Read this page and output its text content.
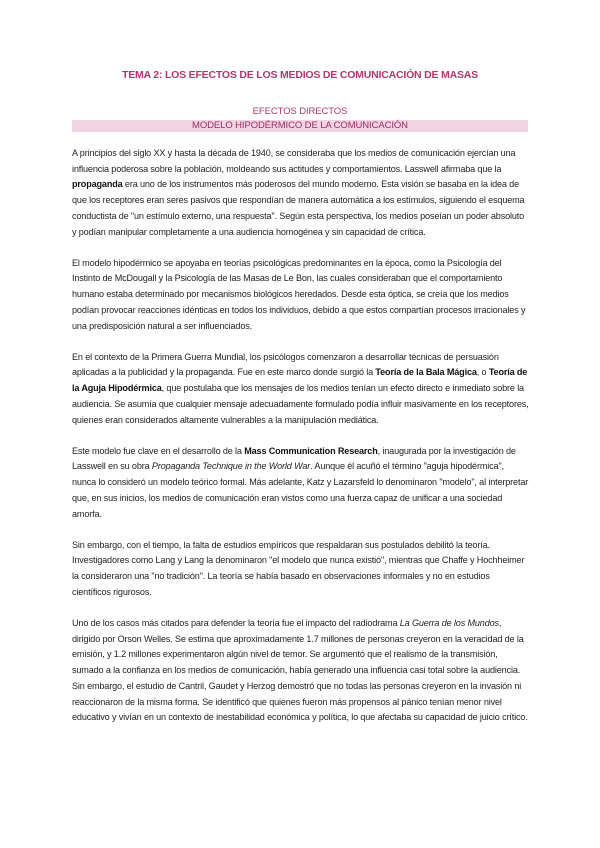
TEMA 2: LOS EFECTOS DE LOS MEDIOS DE COMUNICACIÓN DE MASAS
EFECTOS DIRECTOS
MODELO HIPODÉRMICO DE LA COMUNICACIÓN

A principios del siglo XX y hasta la década de 1940, se consideraba que los medios de comunicación ejercían una influencia poderosa sobre la población, moldeando sus actitudes y comportamientos. Lasswell afirmaba que la propaganda era uno de los instrumentos más poderosos del mundo moderno. Esta visión se basaba en la idea de que los receptores eran seres pasivos que respondían de manera automática a los estímulos, siguiendo el esquema conductista de "un estímulo externo, una respuesta". Según esta perspectiva, los medios poseían un poder absoluto y podían manipular completamente a una audiencia homogénea y sin capacidad de crítica.

El modelo hipodérmico se apoyaba en teorías psicológicas predominantes en la época, como la Psicología del Instinto de McDougall y la Psicología de las Masas de Le Bon, las cuales consideraban que el comportamiento humano estaba determinado por mecanismos biológicos heredados. Desde esta óptica, se creía que los medios podían provocar reacciones idénticas en todos los individuos, debido a que estos compartían procesos irracionales y una predisposición natural a ser influenciados.

En el contexto de la Primera Guerra Mundial, los psicólogos comenzaron a desarrollar técnicas de persuasión aplicadas a la publicidad y la propaganda. Fue en este marco donde surgió la Teoría de la Bala Mágica, o Teoría de la Aguja Hipodérmica, que postulaba que los mensajes de los medios tenían un efecto directo e inmediato sobre la audiencia. Se asumía que cualquier mensaje adecuadamente formulado podía influir masivamente en los receptores, quienes eran considerados altamente vulnerables a la manipulación mediática.

Este modelo fue clave en el desarrollo de la Mass Communication Research, inaugurada por la investigación de Lasswell en su obra Propaganda Technique in the World War. Aunque él acuñó el término "aguja hipodérmica", nunca lo consideró un modelo teórico formal. Más adelante, Katz y Lazarsfeld lo denominaron "modelo", al interpretar que, en sus inicios, los medios de comunicación eran vistos como una fuerza capaz de unificar a una sociedad amorfa.

Sin embargo, con el tiempo, la falta de estudios empíricos que respaldaran sus postulados debilitó la teoría. Investigadores como Lang y Lang la denominaron "el modelo que nunca existió", mientras que Chaffe y Hochheimer la consideraron una "no tradición". La teoría se había basado en observaciones informales y no en estudios científicos rigurosos.

Uno de los casos más citados para defender la teoría fue el impacto del radiodrama La Guerra de los Mundos, dirigido por Orson Welles. Se estima que aproximadamente 1.7 millones de personas creyeron en la veracidad de la emisión, y 1.2 millones experimentaron algún nivel de temor. Se argumentó que el realismo de la transmisión, sumado a la confianza en los medios de comunicación, había generado una influencia casi total sobre la audiencia. Sin embargo, el estudio de Cantril, Gaudet y Herzog demostró que no todas las personas creyeron en la invasión ni reaccionaron de la misma forma. Se identificó que quienes fueron más propensos al pánico tenían menor nivel educativo y vivían en un contexto de inestabilidad económica y política, lo que afectaba su capacidad de juicio crítico.
